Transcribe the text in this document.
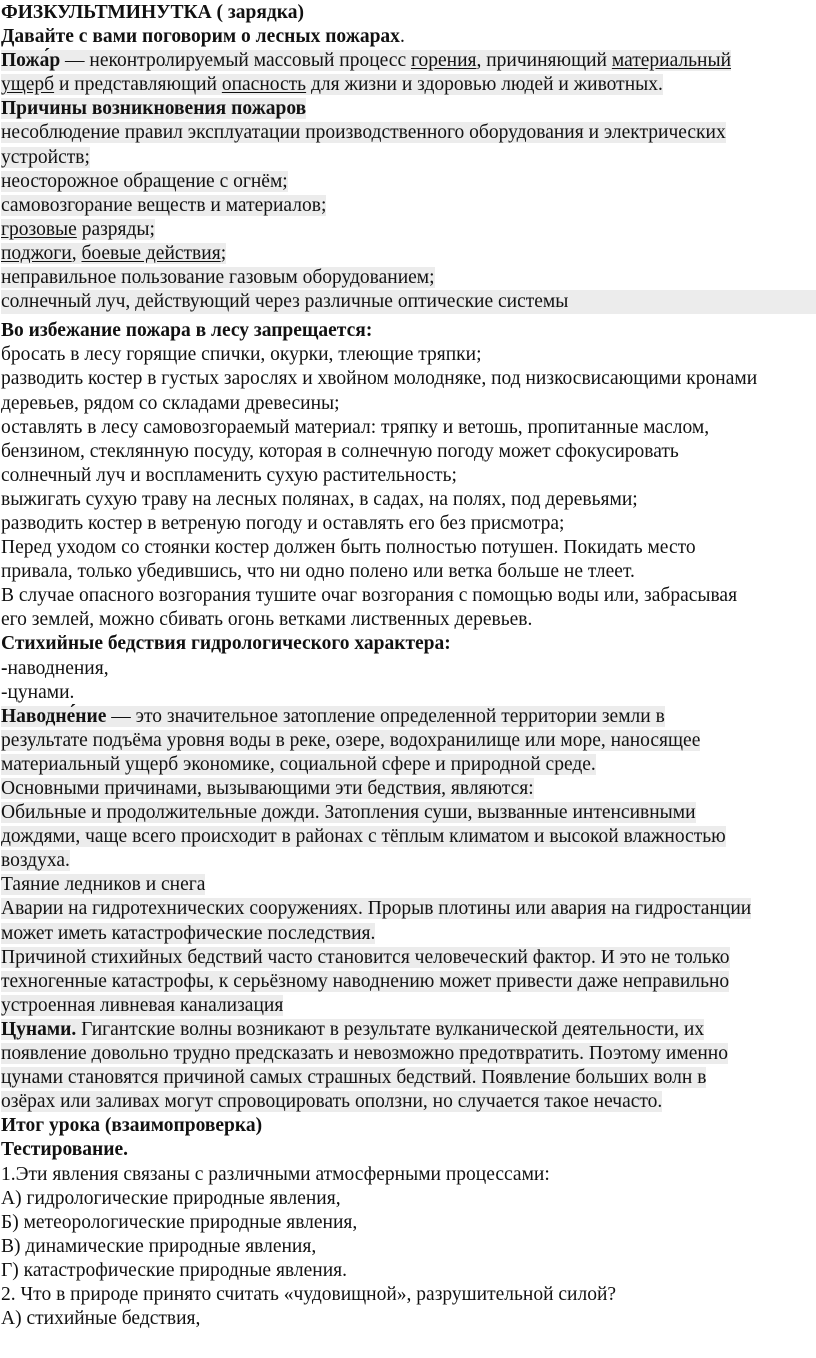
ФИЗКУЛЬТМИНУТКА ( зарядка)
Давайте с вами поговорим о лесных пожарах.
Пожа́р — неконтролируемый массовый процесс горения, причиняющий материальный
ущерб и представляющий опасность для жизни и здоровью людей и животных.
Причины возникновения пожаров
несоблюдение правил эксплуатации производственного оборудования и электрических
устройств;
неосторожное обращение с огнём;
самовозгорание веществ и материалов;
грозовые разряды;
поджоги, боевые действия;
неправильное пользование газовым оборудованием;
солнечный луч, действующий через различные оптические системы
Во избежание пожара в лесу запрещается:
бросать в лесу горящие спички, окурки, тлеющие тряпки;
разводить костер в густых зарослях и хвойном молодняке, под низкосвисающими кронами
деревьев, рядом со складами древесины;
оставлять в лесу самовозгораемый материал: тряпку и ветошь, пропитанные маслом,
бензином, стеклянную посуду, которая в солнечную погоду может сфокусировать
солнечный луч и воспламенить сухую растительность;
выжигать сухую траву на лесных полянах, в садах, на полях, под деревьями;
разводить костер в ветреную погоду и оставлять его без присмотра;
Перед уходом со стоянки костер должен быть полностью потушен. Покидать место
привала, только убедившись, что ни одно полено или ветка больше не тлеет.
В случае опасного возгорания тушите очаг возгорания с помощью воды или, забрасывая
его землей, можно сбивать огонь ветками лиственных деревьев.
Стихийные бедствия гидрологического характера:
-наводнения,
-цунами.
Наводне́ние — это значительное затопление определенной территории земли в
результате подъёма уровня воды в реке, озере, водохранилище или море, наносящее
материальный ущерб экономике, социальной сфере и природной среде.
Основными причинами, вызывающими эти бедствия, являются:
Обильные и продолжительные дожди. Затопления суши, вызванные интенсивными
дождями, чаще всего происходит в районах с тёплым климатом и высокой влажностью
воздуха.
Таяние ледников и снега
Аварии на гидротехнических сооружениях. Прорыв плотины или авария на гидростанции
может иметь катастрофические последствия.
Причиной стихийных бедствий часто становится человеческий фактор. И это не только
техногенные катастрофы, к серьёзному наводнению может привести даже неправильно
устроенная ливневая канализация
Цунами. Гигантские волны возникают в результате вулканической деятельности, их
появление довольно трудно предсказать и невозможно предотвратить. Поэтому именно
цунами становятся причиной самых страшных бедствий. Появление больших волн в
озёрах или заливах могут спровоцировать оползни, но случается такое нечасто.
Итог урока (взаимопроверка)
Тестирование.
1.Эти явления связаны с различными атмосферными процессами:
А) гидрологические природные явления,
Б) метеорологические природные явления,
В) динамические природные явления,
Г) катастрофические природные явления.
2. Что в природе принято считать «чудовищной», разрушительной силой?
А) стихийные бедствия,
